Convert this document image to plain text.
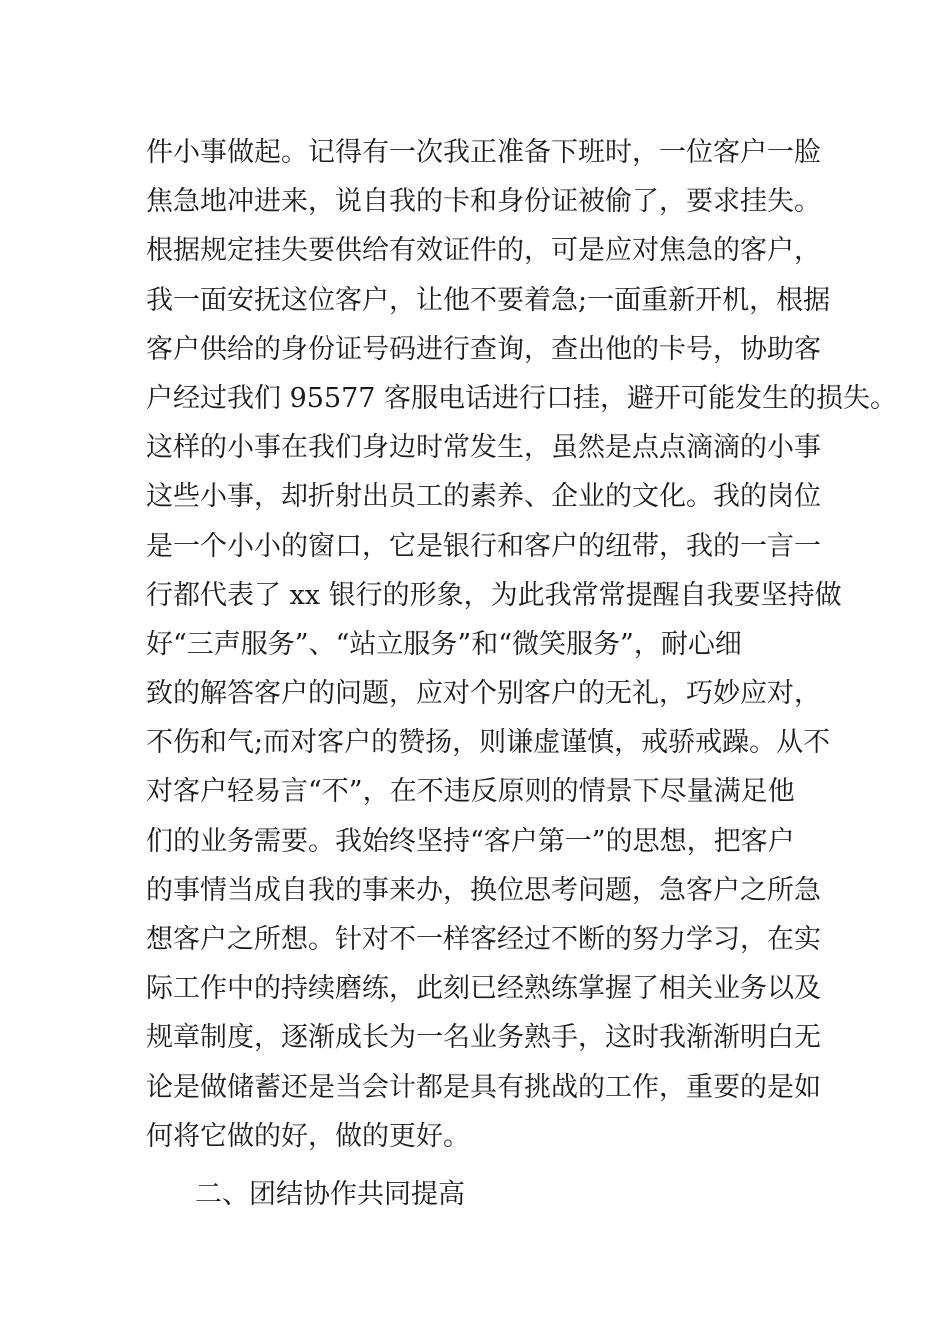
件小事做起。记得有一次我正准备下班时，一位客户一脸
焦急地冲进来，说自我的卡和身份证被偷了，要求挂失。
根据规定挂失要供给有效证件的，可是应对焦急的客户，
我一面安抚这位客户，让他不要着急;一面重新开机，根据
客户供给的身份证号码进行查询，查出他的卡号，协助客
户经过我们 95577 客服电话进行口挂，避开可能发生的损失。
这样的小事在我们身边时常发生，虽然是点点滴滴的小事
这些小事，却折射出员工的素养、企业的文化。我的岗位
是一个小小的窗口，它是银行和客户的纽带，我的一言一
行都代表了 xx 银行的形象，为此我常常提醒自我要坚持做
好“三声服务”、“站立服务”和“微笑服务”，耐心细
致的解答客户的问题，应对个别客户的无礼，巧妙应对，
不伤和气;而对客户的赞扬，则谦虚谨慎，戒骄戒躁。从不
对客户轻易言“不”，在不违反原则的情景下尽量满足他
们的业务需要。我始终坚持“客户第一”的思想，把客户
的事情当成自我的事来办，换位思考问题，急客户之所急
想客户之所想。针对不一样客经过不断的努力学习，在实
际工作中的持续磨练，此刻已经熟练掌握了相关业务以及
规章制度，逐渐成长为一名业务熟手，这时我渐渐明白无
论是做储蓄还是当会计都是具有挑战的工作，重要的是如
何将它做的好，做的更好。
二、团结协作共同提高
